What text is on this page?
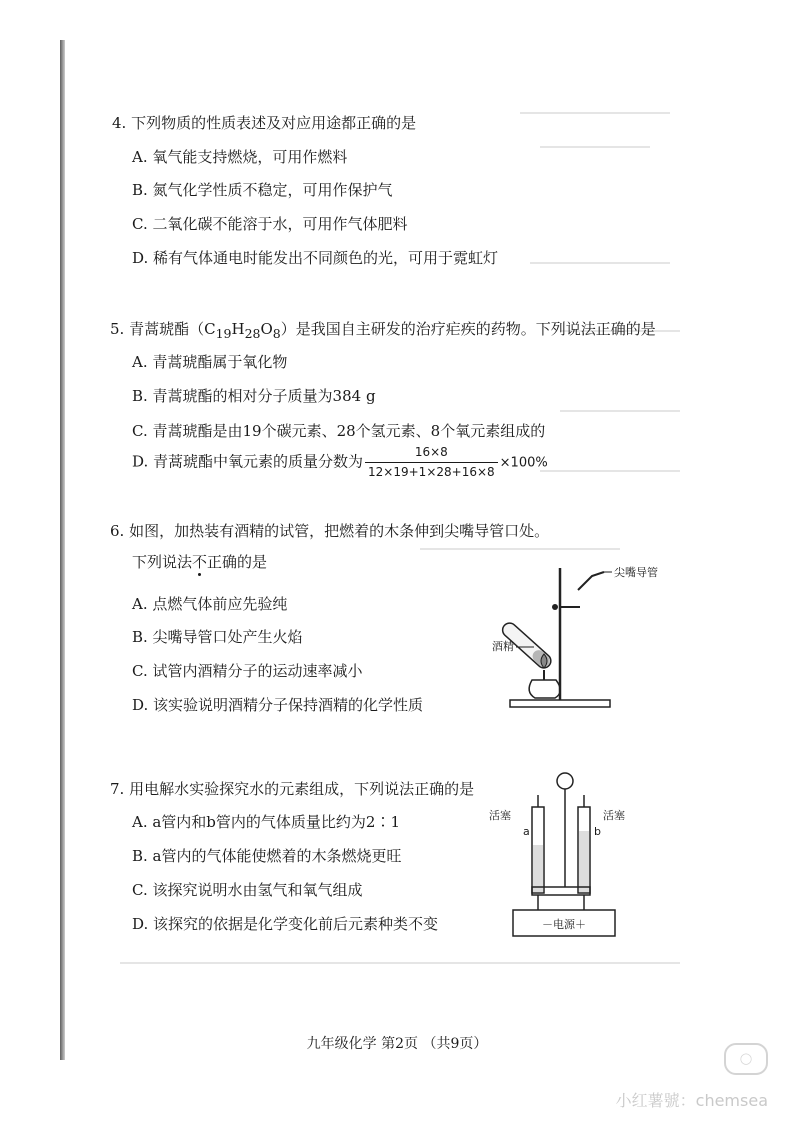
4. 下列物质的性质表述及对应用途都正确的是
A. 氧气能支持燃烧，可用作燃料
B. 氮气化学性质不稳定，可用作保护气
C. 二氧化碳不能溶于水，可用作气体肥料
D. 稀有气体通电时能发出不同颜色的光，可用于霓虹灯
5. 青蒿琥酯$(C_{19}H_{28}O_8)$是我国自主研发的治疗疟疾的药物。下列说法正确的是
A. 青蒿琥酯属于氧化物
B. 青蒿琥酯的相对分子质量为384 g
C. 青蒿琥酯是由19个碳元素、28个氢元素、8个氧元素组成的
D. 青蒿琥酯中氧元素的质量分数为 $\frac{16\times 8}{12\times 19+1\times 28+16\times 8} \times 100\%$
6. 如图，加热装有酒精的试管，把燃着的木条伸到尖嘴导管口处。
下列说法不正确的是
A. 点燃气体前应先验纯
B. 尖嘴导管口处产生火焰
C. 试管内酒精分子的运动速率减小
D. 该实验说明酒精分子保持酒精的化学性质
尖嘴导管
酒精
7. 用电解水实验探究水的元素组成，下列说法正确的是
A. a管内和b管内的气体质量比约为2∶1
B. a管内的气体能使燃着的木条燃烧更旺
C. 该探究说明水由氢气和氧气组成
D. 该探究的依据是化学变化前后元素种类不变	－电源＋
活塞
a
活塞
b
九年级化学 第2页 （共9页）
◯
小红薯號：chemsea
